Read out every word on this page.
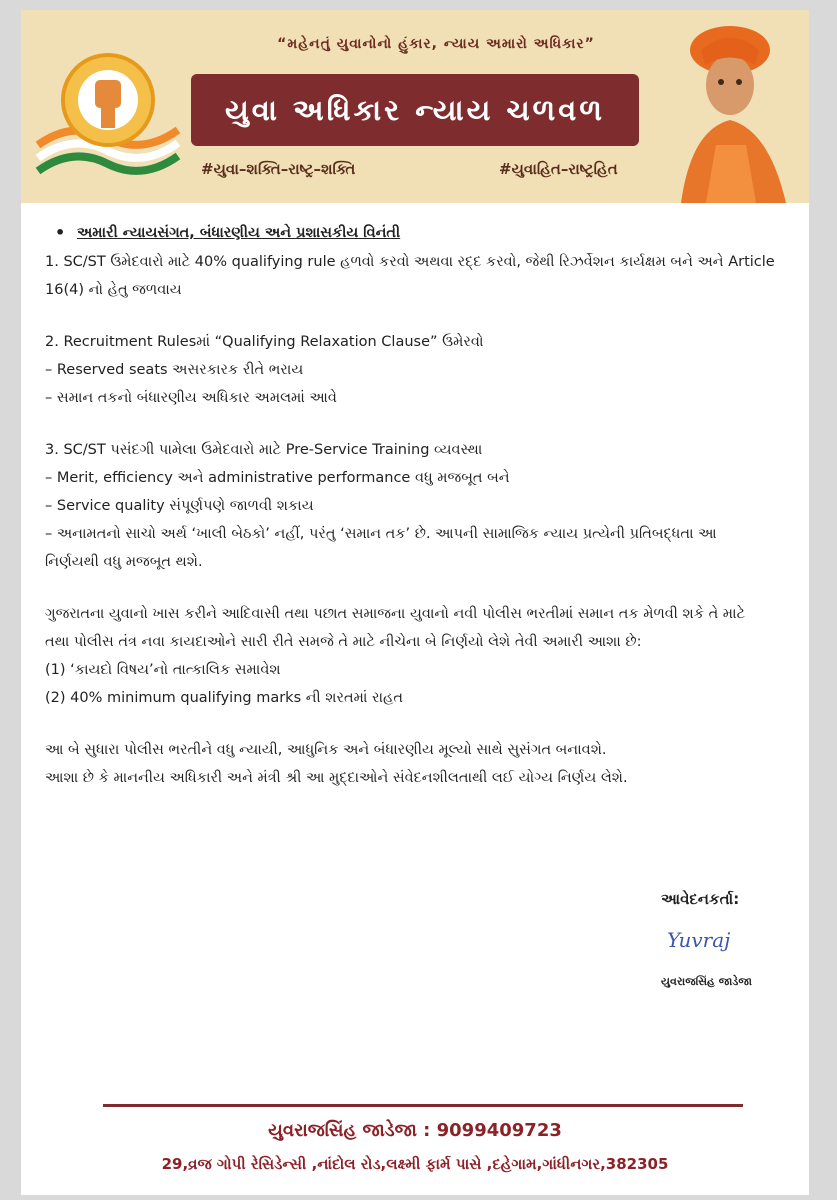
“મહેનતું યુવાનોનો હુંકાર, ન્યાય અમારો અધિકાર”
યુવા અધિકાર ન્યાય ચળવળ
#યુવા–શક્તિ–રાષ્ટ્ર–શક્તિ	#યુવાહિત–રાષ્ટ્રહિત
• અમારી ન્યાયસંગત, બંધારણીય અને પ્રશાસકીય વિનંતી

1. SC/ST ઉમેદવારો માટે 40% qualifying rule હળવો કરવો અથવા રદ્દ કરવો, જેથી રિઝર્વેશન કાર્યક્ષમ બને અને Article

16(4) નો હેતુ જળવાય

2. Recruitment Rulesમાં “Qualifying Relaxation Clause” ઉમેરવો

– Reserved seats અસરકારક રીતે ભરાય

– સમાન તકનો બંધારણીય અધિકાર અમલમાં આવે

3. SC/ST પસંદગી પામેલા ઉમેદવારો માટે Pre-Service Training વ્યવસ્થા

– Merit, efficiency અને administrative performance વધુ મજબૂત બને

– Service quality સંપૂર્ણપણે જાળવી શકાય

– અનામતનો સાચો અર્થ ‘ખાલી બેઠકો’ નહીં, પરંતુ ‘સમાન તક’ છે. આપની સામાજિક ન્યાય પ્રત્યેની પ્રતિબદ્ધતા આ

નિર્ણયથી વધુ મજબૂત થશે.

ગુજરાતના યુવાનો ખાસ કરીને આદિવાસી તથા પછાત સમાજના યુવાનો નવી પોલીસ ભરતીમાં સમાન તક મેળવી શકે તે માટે

તથા પોલીસ તંત્ર નવા કાયદાઓને સારી રીતે સમજે તે માટે નીચેના બે નિર્ણયો લેશે તેવી અમારી આશા છે:

(1) ‘કાયદો વિષય’નો તાત્કાલિક સમાવેશ

(2) 40% minimum qualifying marks ની શરતમાં રાહત

આ બે સુધારા પોલીસ ભરતીને વધુ ન્યાયી, આધુનિક અને બંધારણીય મૂલ્યો સાથે સુસંગત બનાવશે.

આશા છે કે માનનીય અધિકારી અને મંત્રી શ્રી આ મુદ્દાઓને સંવેદનશીલતાથી લઈ યોગ્ય નિર્ણય લેશે.

આવેદનકર્તા:
Yuvraj
યુવરાજસિંહ જાડેજા
યુવરાજસિંહ જાડેજા : 9099409723
29,વ્રજ ગોપી રેસિડેન્સી ,નાંદોલ રોડ,લક્ષ્મી ફાર્મ પાસે ,દહેગામ,ગાંધીનગર,382305
